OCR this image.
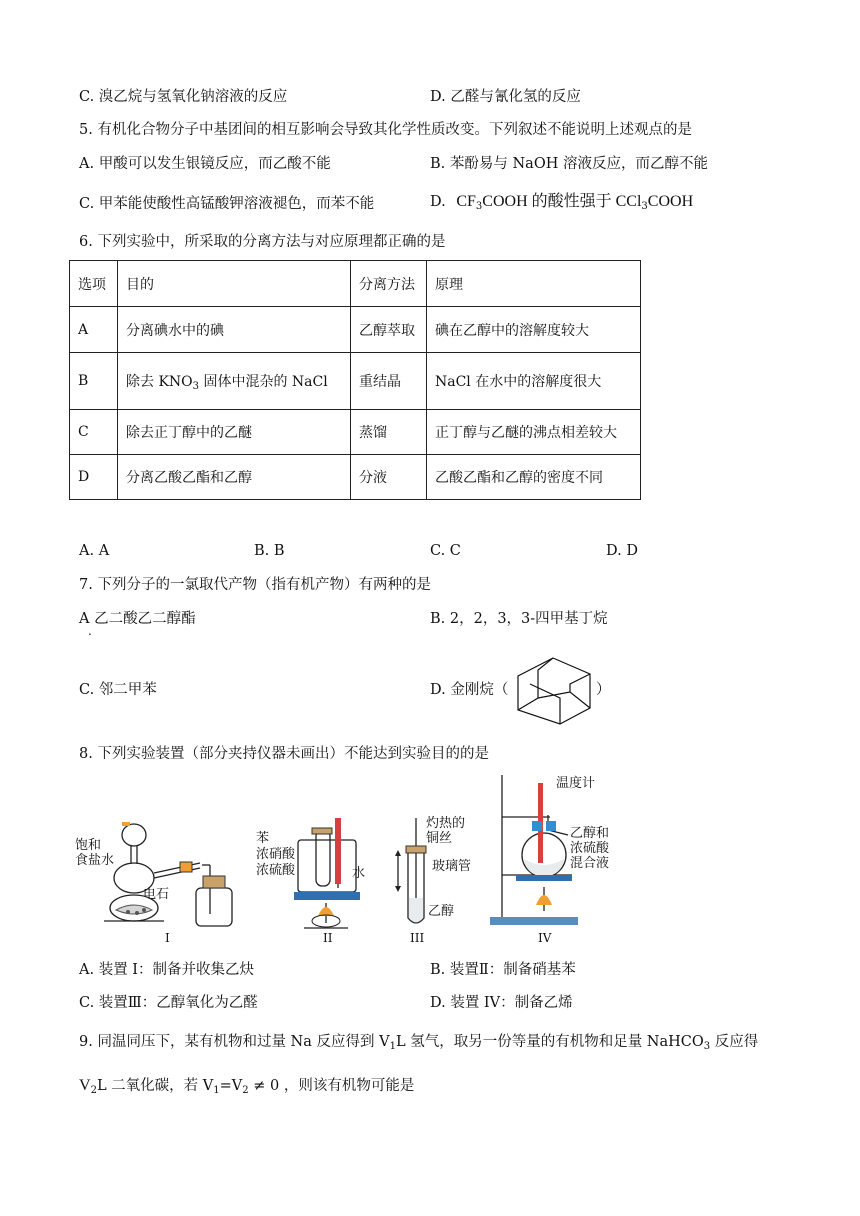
C. 溴乙烷与氢氧化钠溶液的反应	D. 乙醛与氰化氢的反应
5. 有机化合物分子中基团间的相互影响会导致其化学性质改变。下列叙述不能说明上述观点的是
A. 甲酸可以发生银镜反应，而乙酸不能	B. 苯酚易与 NaOH 溶液反应，而乙醇不能
C. 甲苯能使酸性高锰酸钾溶液褪色，而苯不能	D. $CF_3COOH$ 的酸性强于 CCl$_3$COOH
6. 下列实验中，所采取的分离方法与对应原理都正确的是
选项	目的	分离方法	原理
A	分离碘水中的碘	乙醇萃取	碘在乙醇中的溶解度较大
B	除去 $KNO_3$ 固体中混杂的 NaCl	重结晶	NaCl 在水中的溶解度很大
C	除去正丁醇中的乙醚	蒸馏	正丁醇与乙醚的沸点相差较大
D	分离乙酸乙酯和乙醇	分液	乙酸乙酯和乙醇的密度不同
A. A	B. B	C. C	D. D
7. 下列分子的一氯取代产物（指有机产物）有两种的是
A 乙二酸乙二醇酯
.
B. 2，2，3，3-四甲基丁烷
C. 邻二甲苯	D. 金刚烷（	）
8. 下列实验装置（部分夹持仪器未画出）不能达到实验目的的是
饱和
食盐水
电石
I
苯
浓硝酸
浓硫酸	水
II
灼热的
铜丝
玻璃管
乙醇
III
温度计
乙醇和
浓硫酸
混合液
IV
A. 装置 I：制备并收集乙炔	B. 装置Ⅱ：制备硝基苯
C. 装置Ⅲ：乙醇氧化为乙醛	D. 装置 IV：制备乙烯
9. 同温同压下，某有机物和过量 Na 反应得到 $V_1L$ 氢气，取另一份等量的有机物和足量 NaHCO$_3$ 反应得
$V_2L$ 二氧化碳，若 $V_1=V_2 \ne 0$ ，则该有机物可能是
